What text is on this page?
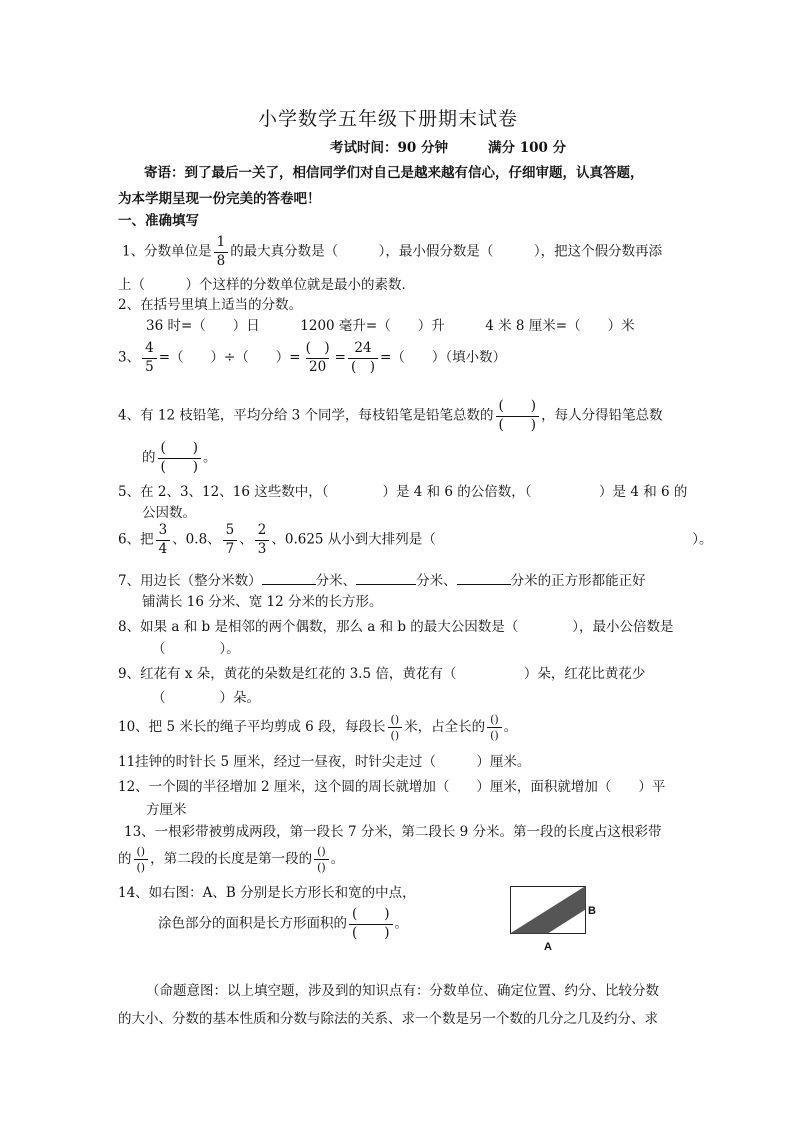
小学数学五年级下册期末试卷
考试时间：90 分钟	满分 100 分
寄语：到了最后一关了，相信同学们对自己是越来越有信心，仔细审题，认真答题，
为本学期呈现一份完美的答卷吧！
一、准确填写
1、分数单位是 $\frac{1}{8}$ 的最大真分数是（　　　），最小假分数是（　　　），把这个假分数再添
上（　　　）个这样的分数单位就是最小的素数．
2、在括号里填上适当的分数。
36 时=（　　）日　　　1200 毫升=（　　）升　　　4 米 8 厘米=（　　）米
3、 $\frac{4}{5}$ =（　　）÷（　　）= $\frac{( )}{20} = \frac{24}{( )}$ =（　　）（填小数）
4、有 12 枝铅笔，平均分给 3 个同学，每枝铅笔是铅笔总数的 $\frac{( )}{( )}$ ，每人分得铅笔总数
的 $\frac{( )}{( )}$ 。
5、在 2、3、12、16 这些数中，（　　　　）是 4 和 6 的公倍数，（　　　　　）是 4 和 6 的
公因数。
6、把 $\frac{3}{4}$ 、0.8、 $\frac{5}{7}$ 、 $\frac{2}{3}$ 、0.625 从小到大排列是（　　　　　　　　　　　　　　　　　　　）。
7、用边长（整分米数）	分米、	分米、	分米的正方形都能正好
铺满长 16 分米、宽 12 分米的长方形。
8、如果 a 和 b 是相邻的两个偶数，那么 a 和 b 的最大公因数是（　　　　），最小公倍数是
（　　　　）。
9、红花有 x 朵，黄花的朵数是红花的 3.5 倍，黄花有（　　　　　）朵，红花比黄花少
（　　　　）朵。
10、把 5 米长的绳子平均剪成 6 段，每段长 $\frac{()}{()}$ 米，占全长的 $\frac{()}{()}$ 。
11挂钟的时针长 5 厘米，经过一昼夜，时针尖走过（　　　）厘米。
12、一个圆的半径增加 2 厘米，这个圆的周长就增加（　　）厘米，面积就增加（　　）平
方厘米
13、一根彩带被剪成两段，第一段长 7 分米，第二段长 9 分米。第一段的长度占这根彩带
的 $\frac{()}{()}$ ，第二段的长度是第一段的 $\frac{()}{()}$ 。
14、如右图：A、B 分别是长方形长和宽的中点，
涂色部分的面积是长方形面积的 $\frac{( )}{( )}$ 。
B
A
（命题意图：以上填空题，涉及到的知识点有：分数单位、确定位置、约分、比较分数
的大小、分数的基本性质和分数与除法的关系、求一个数是另一个数的几分之几及约分、求
